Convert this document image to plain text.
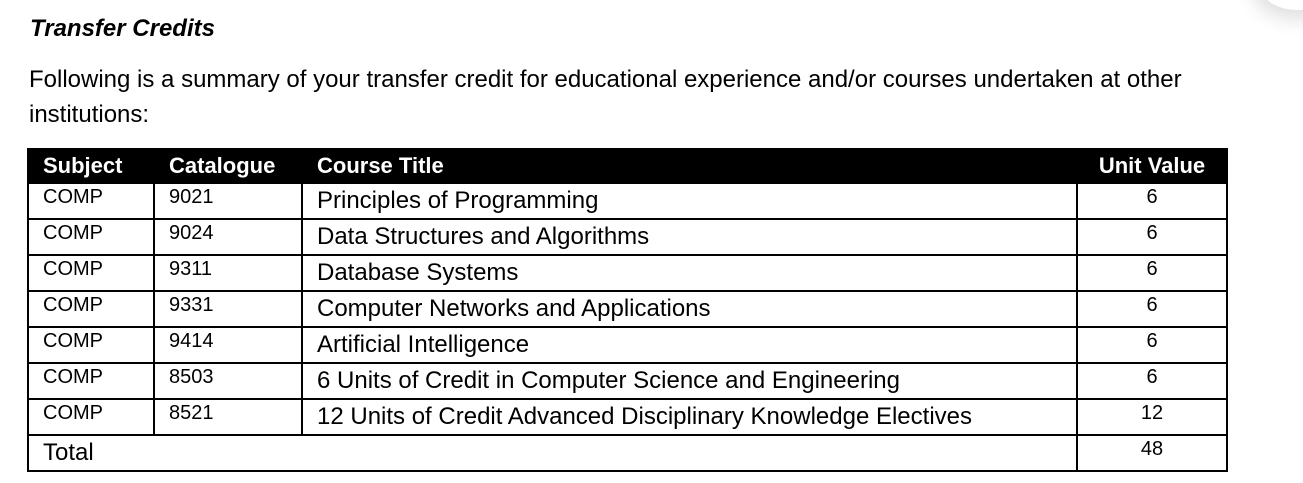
Transfer Credits
Following is a summary of your transfer credit for educational experience and/or courses undertaken at other institutions:
Subject	Catalogue	Course Title	Unit Value
COMP	9021	Principles of Programming	6
COMP	9024	Data Structures and Algorithms	6
COMP	9311	Database Systems	6
COMP	9331	Computer Networks and Applications	6
COMP	9414	Artificial Intelligence	6
COMP	8503	6 Units of Credit in Computer Science and Engineering	6
COMP	8521	12 Units of Credit Advanced Disciplinary Knowledge Electives	12
Total			48
